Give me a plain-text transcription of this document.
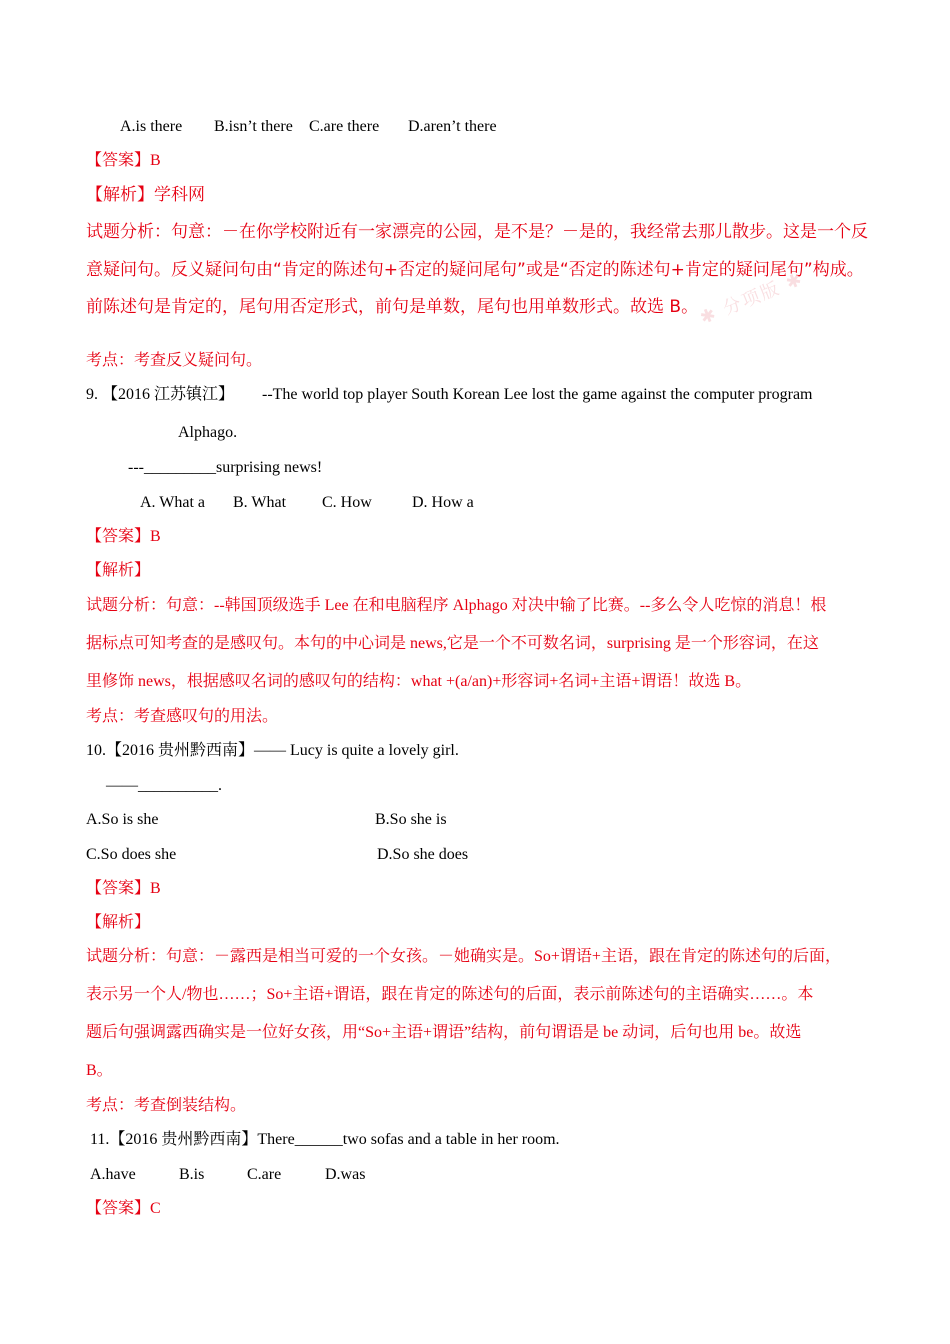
✱ 分项版 ✱
A.is there B.isn’t there C.are there D.aren’t there
【答案】B
【解析】学科网
试题分析：句意：－在你学校附近有一家漂亮的公园，是不是？－是的，我经常去那儿散步。这是一个反
意疑问句。反义疑问句由“肯定的陈述句+否定的疑问尾句”或是“否定的陈述句+肯定的疑问尾句”构成。
前陈述句是肯定的，尾句用否定形式，前句是单数，尾句也用单数形式。故选 B。
考点：考查反义疑问句。
9. 【2016 江苏镇江】 --The world top player South Korean Lee lost the game against the computer program
Alphago.
---_________surprising news!
A. What a B. What C. How	D. How a
【答案】B
【解析】
试题分析：句意：--韩国顶级选手 Lee 在和电脑程序 Alphago 对决中输了比赛。--多么令人吃惊的消息！根
据标点可知考查的是感叹句。本句的中心词是 news,它是一个不可数名词，surprising 是一个形容词，在这
里修饰 news，根据感叹名词的感叹句的结构：what +(a/an)+形容词+名词+主语+谓语！故选 B。
考点：考查感叹句的用法。
10.【2016 贵州黔西南】—— Lucy is quite a lovely girl.
——__________.
A.So is she	B.So she is
C.So does she	D.So she does
【答案】B
【解析】
试题分析：句意：－露西是相当可爱的一个女孩。－她确实是。So+谓语+主语，跟在肯定的陈述句的后面，
表示另一个人/物也……；So+主语+谓语，跟在肯定的陈述句的后面，表示前陈述句的主语确实……。本
题后句强调露西确实是一位好女孩，用“So+主语+谓语”结构，前句谓语是 be 动词，后句也用 be。故选
B。
考点：考查倒装结构。
11.【2016 贵州黔西南】There______two sofas and a table in her room.
A.have	B.is	C.are	D.was
【答案】C
